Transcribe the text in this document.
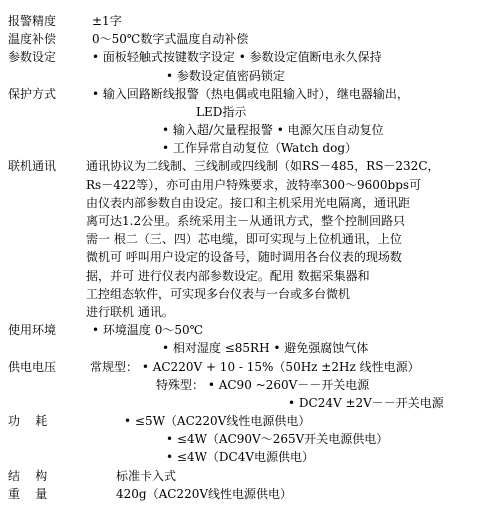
报警精度	±1字
温度补偿	0～50℃数字式温度自动补偿
参数设定	• 面板轻触式按键数字设定 • 参数设定值断电永久保持
• 参数设定值密码锁定
保护方式	• 输入回路断线报警（热电偶或电阻输入时），继电器输出，
LED指示
• 输入超/欠量程报警 • 电源欠压自动复位
• 工作异常自动复位（Watch dog）
联机通讯	通讯协议为二线制、三线制或四线制（如RS－485，RS－232C，
Rs－422等），亦可由用户特殊要求，波特率300～9600bps可
由仪表内部参数自由设定。接口和主机采用光电隔离，通讯距
离可达1.2公里。系统采用主－从通讯方式，整个控制回路只
需一 根二（三、四）芯电缆，即可实现与上位机通讯，上位
微机可 呼叫用户设定的设备号，随时调用各台仪表的现场数
据，并可 进行仪表内部参数设定。配用 数据采集器和
工控组态软件，可实现多台仪表与一台或多台微机
进行联机 通讯。
使用环境	• 环境温度 0～50℃
• 相对湿度 ≤85RH • 避免强腐蚀气体
供电电压	常规型： • AC220V + 10 - 15%（50Hz ±2Hz 线性电源）
特殊型： • AC90 ~260V－－开关电源
• DC24V ±2V－－开关电源
功    耗	• ≤5W（AC220V线性电源供电）
• ≤4W（AC90V～265V开关电源供电）
• ≤4W（DC4V电源供电）
结    构	标准卡入式
重    量	420g（AC220V线性电源供电）
